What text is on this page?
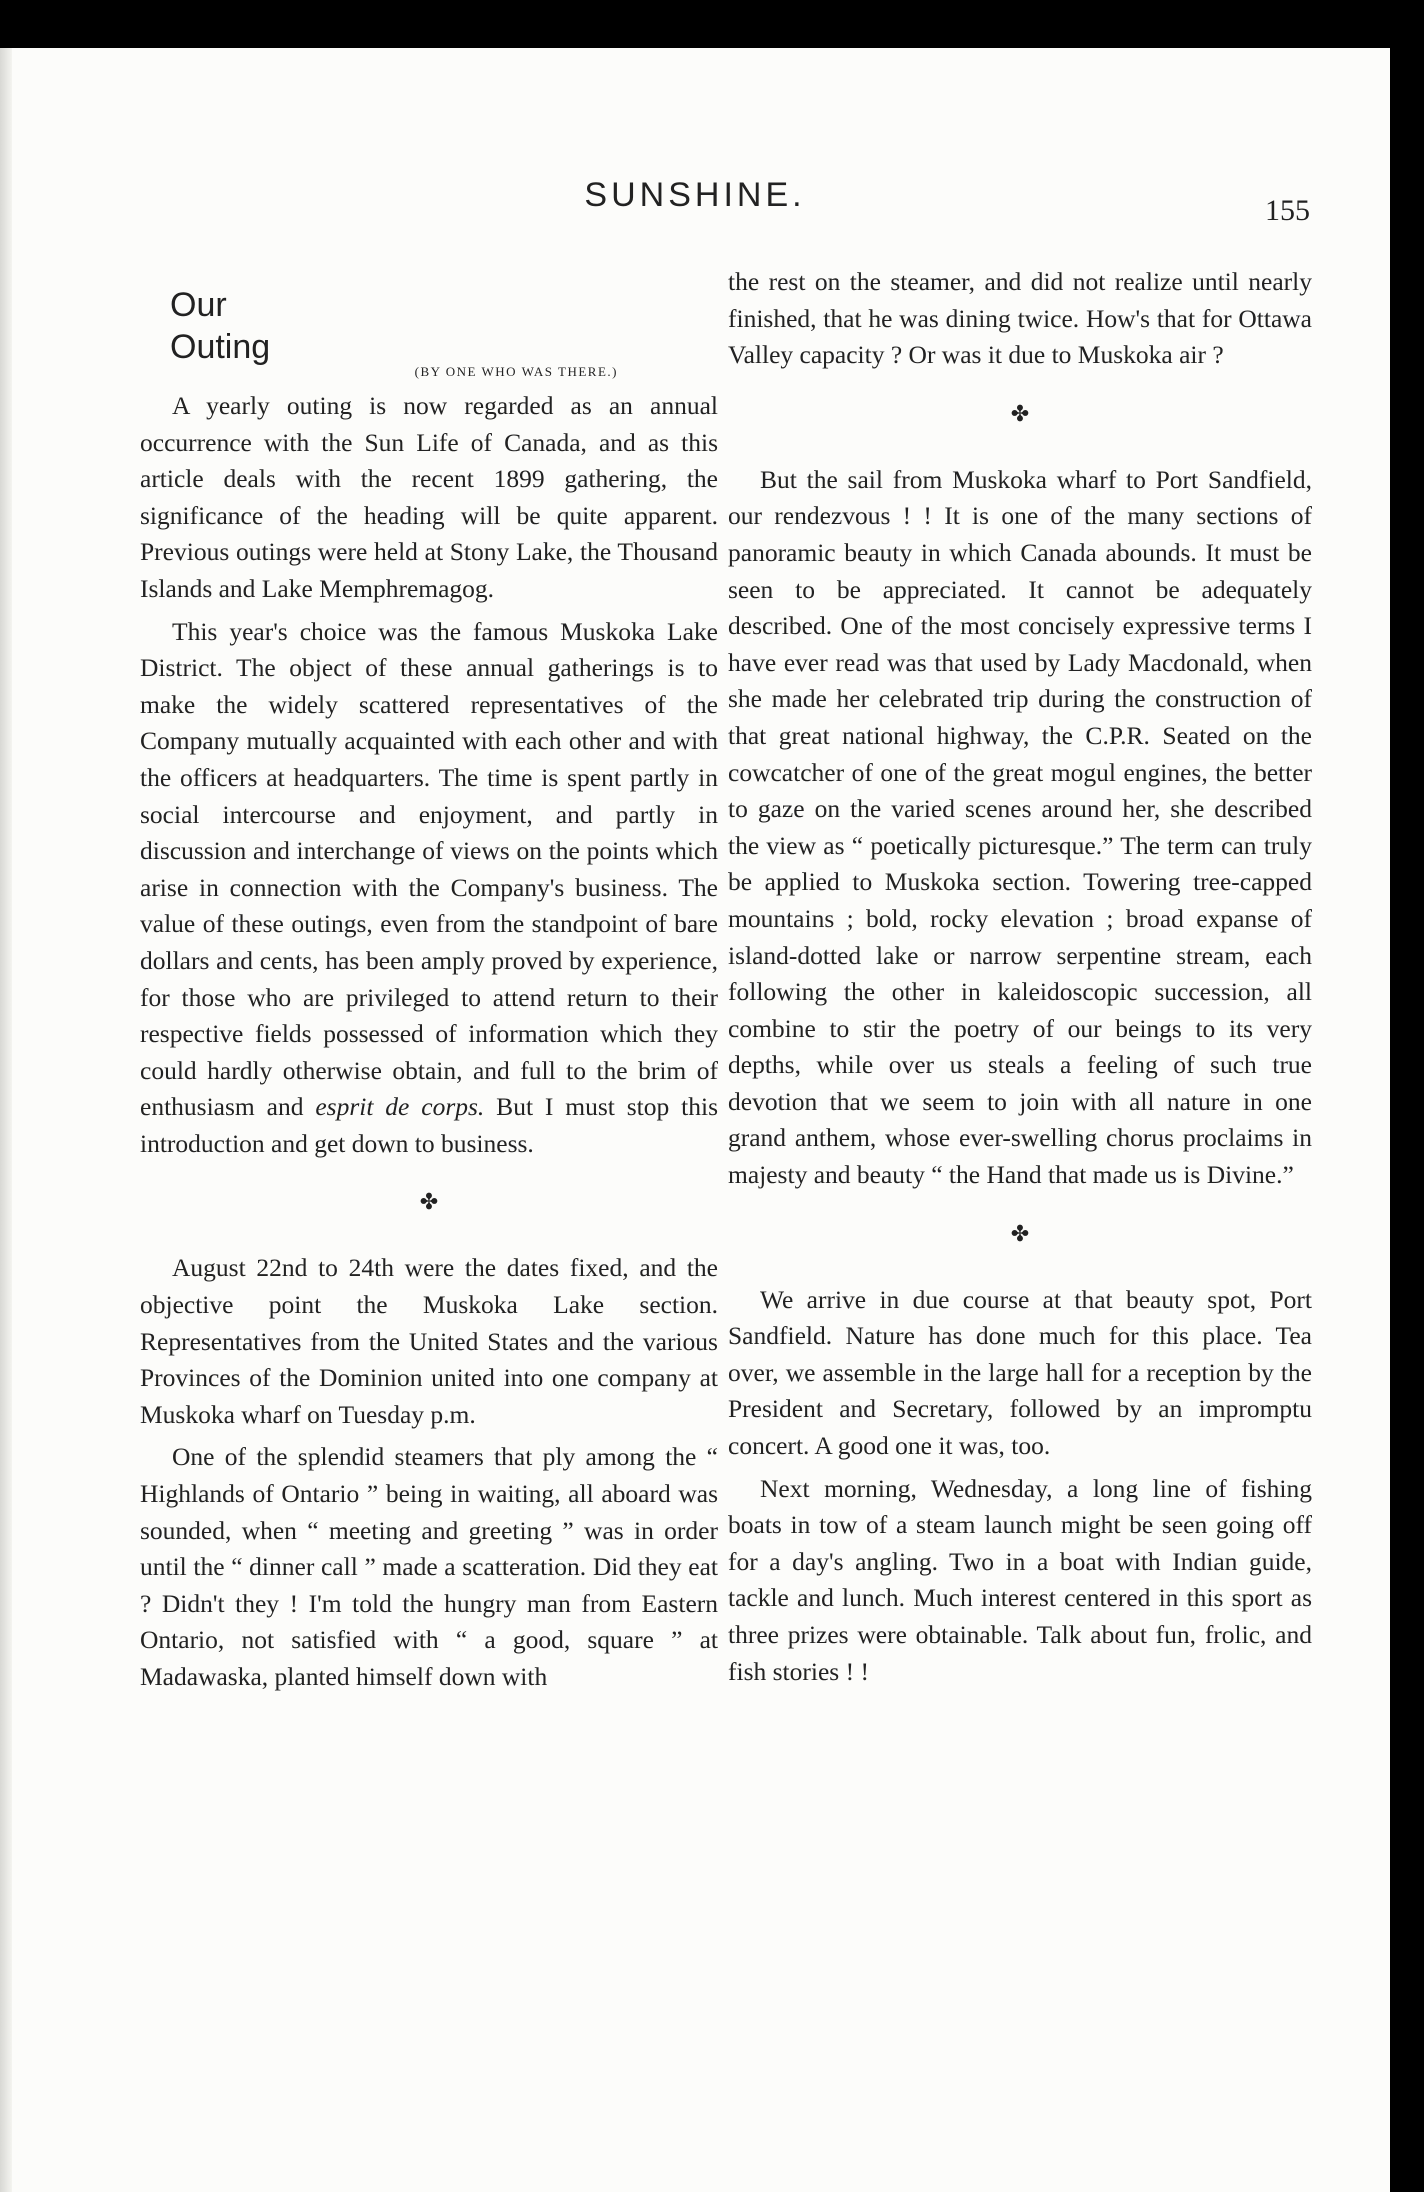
SUNSHINE.	155
Our
Outing
(BY ONE WHO WAS THERE.)

A yearly outing is now regarded as an annual occurrence with the Sun Life of Canada, and as this article deals with the recent 1899 gathering, the significance of the heading will be quite apparent. Previous outings were held at Stony Lake, the Thousand Islands and Lake Memphremagog.

This year's choice was the famous Muskoka Lake District. The object of these annual gatherings is to make the widely scattered representatives of the Company mutually acquainted with each other and with the officers at headquarters. The time is spent partly in social intercourse and enjoyment, and partly in discussion and interchange of views on the points which arise in connection with the Company's business. The value of these outings, even from the standpoint of bare dollars and cents, has been amply proved by experience, for those who are privileged to attend return to their respective fields possessed of information which they could hardly otherwise obtain, and full to the brim of enthusiasm and esprit de corps. But I must stop this introduction and get down to business.

✤

August 22nd to 24th were the dates fixed, and the objective point the Muskoka Lake section. Representatives from the United States and the various Provinces of the Dominion united into one company at Muskoka wharf on Tuesday p.m.

One of the splendid steamers that ply among the “ Highlands of Ontario ” being in waiting, all aboard was sounded, when “ meeting and greeting ” was in order until the “ dinner call ” made a scatteration. Did they eat ? Didn't they ! I'm told the hungry man from Eastern Ontario, not satisfied with “ a good, square ” at Madawaska, planted himself down with

the rest on the steamer, and did not realize until nearly finished, that he was dining twice. How's that for Ottawa Valley capacity ? Or was it due to Muskoka air ?

✤

But the sail from Muskoka wharf to Port Sandfield, our rendezvous ! ! It is one of the many sections of panoramic beauty in which Canada abounds. It must be seen to be appreciated. It cannot be adequately described. One of the most concisely expressive terms I have ever read was that used by Lady Macdonald, when she made her celebrated trip during the construction of that great national highway, the C.P.R. Seated on the cowcatcher of one of the great mogul engines, the better to gaze on the varied scenes around her, she described the view as “ poetically picturesque.” The term can truly be applied to Muskoka section. Towering tree-capped mountains ; bold, rocky elevation ; broad expanse of island-dotted lake or narrow serpentine stream, each following the other in kaleidoscopic succession, all combine to stir the poetry of our beings to its very depths, while over us steals a feeling of such true devotion that we seem to join with all nature in one grand anthem, whose ever-swelling chorus proclaims in majesty and beauty “ the Hand that made us is Divine.”

✤

We arrive in due course at that beauty spot, Port Sandfield. Nature has done much for this place. Tea over, we assemble in the large hall for a reception by the President and Secretary, followed by an impromptu concert. A good one it was, too.

Next morning, Wednesday, a long line of fishing boats in tow of a steam launch might be seen going off for a day's angling. Two in a boat with Indian guide, tackle and lunch. Much interest centered in this sport as three prizes were obtainable. Talk about fun, frolic, and fish stories ! !
